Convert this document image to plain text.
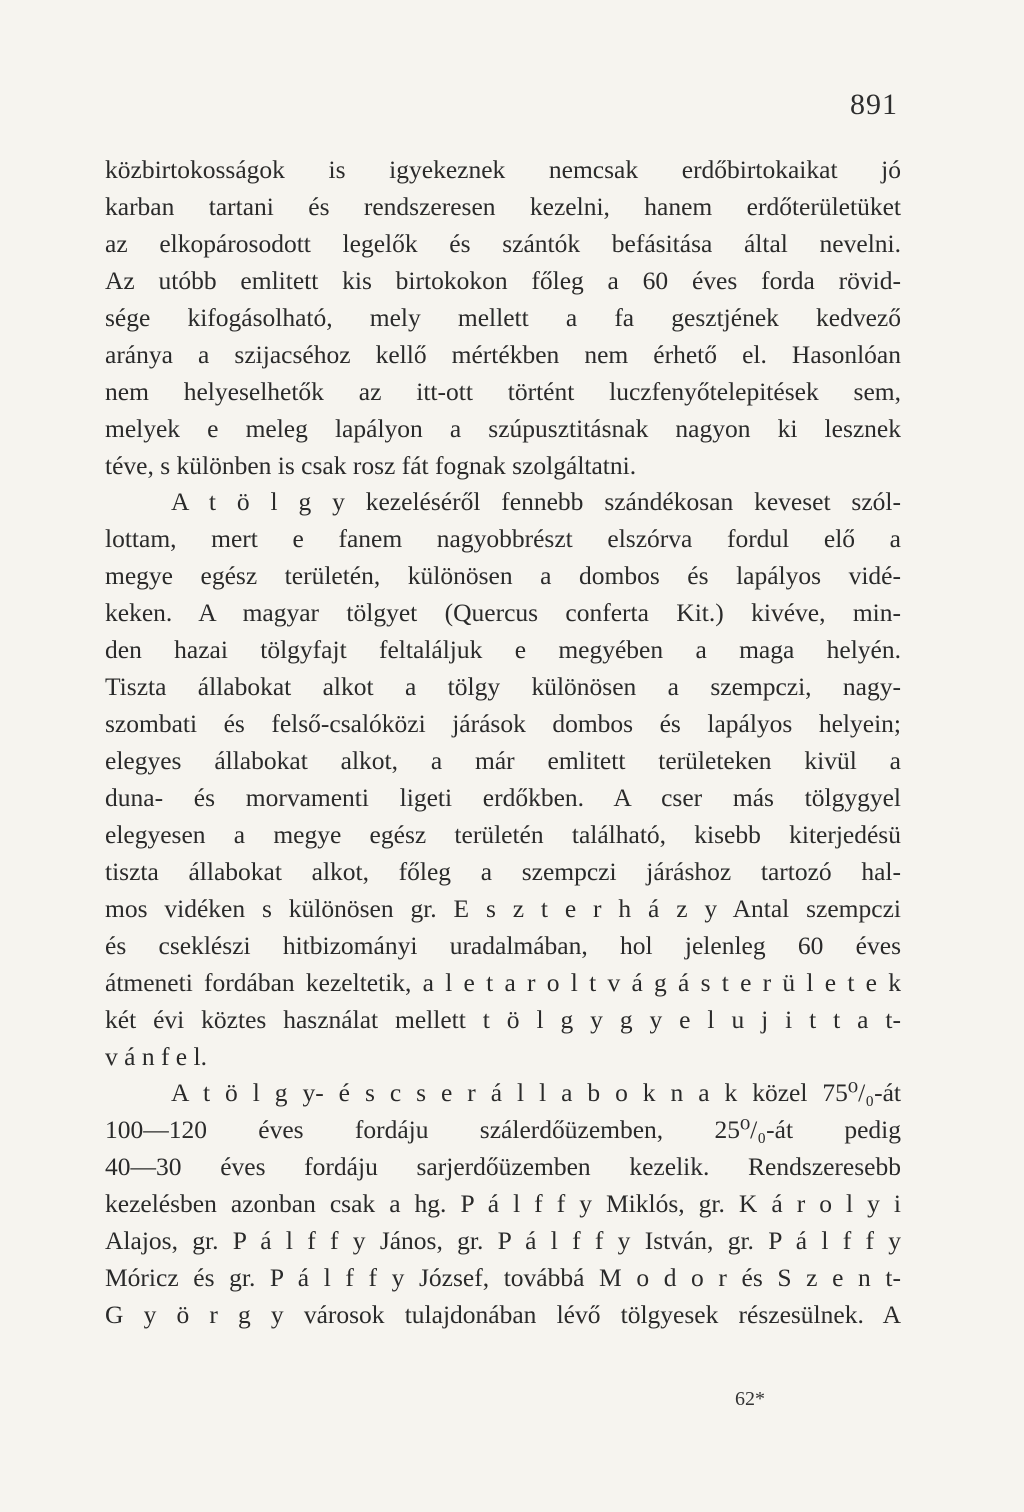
891
közbirtokosságok is igyekeznek nemcsak erdőbirtokaikat jó
karban tartani és rendszeresen kezelni, hanem erdőterületüket
az elkopárosodott legelők és szántók befásitása által nevelni.
Az utóbb emlitett kis birtokokon főleg a 60 éves forda rövid-
sége kifogásolható, mely mellett a fa gesztjének kedvező
aránya a szijacséhoz kellő mértékben nem érhető el. Hasonlóan
nem helyeselhetők az itt-ott történt luczfenyőtelepitések sem,
melyek e meleg lapályon a szúpusztitásnak nagyon ki lesznek
téve, s különben is csak rosz fát fognak szolgáltatni.
A t ö l g y kezeléséről fennebb szándékosan keveset szól-
lottam, mert e fanem nagyobbrészt elszórva fordul elő a
megye egész területén, különösen a dombos és lapályos vidé-
keken. A magyar tölgyet (Quercus conferta Kit.) kivéve, min-
den hazai tölgyfajt feltaláljuk e megyében a maga helyén.
Tiszta állabokat alkot a tölgy különösen a szempczi, nagy-
szombati és felső-csalóközi járások dombos és lapályos helyein;
elegyes állabokat alkot, a már emlitett területeken kivül a
duna- és morvamenti ligeti erdőkben. A cser más tölgygyel
elegyesen a megye egész területén található, kisebb kiterjedésü
tiszta állabokat alkot, főleg a szempczi járáshoz tartozó hal-
mos vidéken s különösen gr. E s z t e r h á z y Antal szempczi
és cseklészi hitbizományi uradalmában, hol jelenleg 60 éves
átmeneti fordában kezeltetik, a l e t a r o l t v á g á s t e r ü l e t e k
két évi köztes használat mellett t ö l g y g y e l u j i t t a t-
v á n f e l.
A t ö l g y- é s c s e r á l l a b o k n a k közel 75⁰/₀-át
100—120 éves fordáju szálerdőüzemben, 25⁰/₀-át pedig
40—30 éves fordáju sarjerdőüzemben kezelik. Rendszeresebb
kezelésben azonban csak a hg. P á l f f y Miklós, gr. K á r o l y i
Alajos, gr. P á l f f y János, gr. P á l f f y István, gr. P á l f f y
Móricz és gr. P á l f f y József, továbbá M o d o r és S z e n t-
G y ö r g y városok tulajdonában lévő tölgyesek részesülnek. A
62*
